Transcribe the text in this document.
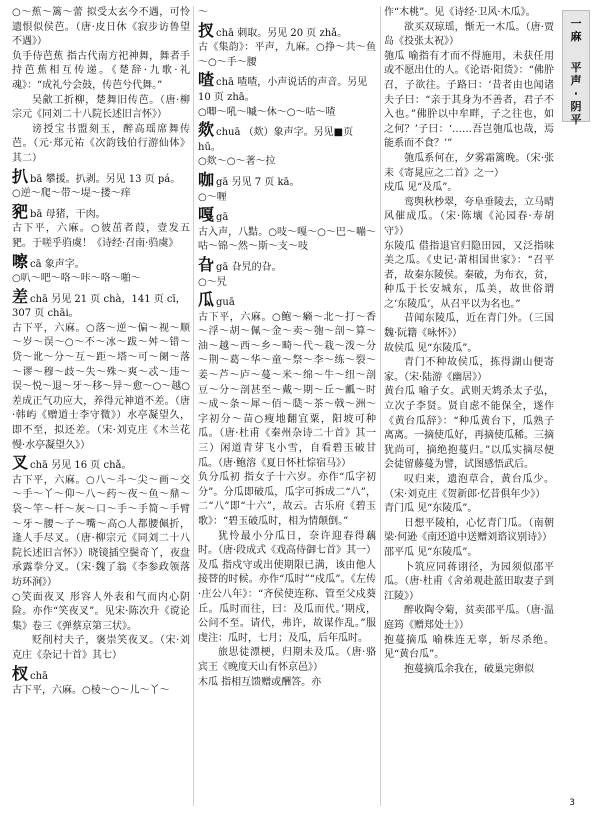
○～蕉～篱～蕾 拟受太玄今不遇，可怜遗恨似侯芭。（唐·皮日休《寂步访鲁望不遇》）

负手侍芭蕉 指古代南方祀神舞，舞者手持芭蕉相互传递。《楚辞·九歌·礼魂》：“成礼兮会鼓，传芭兮代舞。”

吴歈工折柳，楚舞旧传芭。（唐·柳宗元《同刘二十八院长述旧言怀》）

谤授宝书盟刻玉，醉高瑶席舞传芭。（元·郑元祐《次韵钱伯行游仙体》其二）

扒bā 攀援。扒剥。另见 13 页 pá。

○逆～爬～带～堤～搂～痒

豝bā 母猪，干肉。

古下平，六麻。○彼茁者葭，壹发五豝。于嗟乎驺虞！《诗经·召南·驺虞》

嚓cā 象声字。

○叭～吧～咯～咔～咯～啪～

差chā 另见 21 页 chà，141 页 cī，307 页 chāi。

古下平，六麻。○落～逆～偏～视～顺～岁～误～○～不～冰～跋～舛～错～贷～讹～分～互～距～塔～可～阑～落～谬～穆～歧～失～殊～爽～忒～违～误～悦～退～牙～移～异～愈～○～越○差成正气功应大，养得元神道不差。（唐·韩屿《赠道士李守微》）水亭凝望久，即不至，拟还差。（宋·刘克庄《木兰花慢·水亭凝望久》）

叉chā 另见 16 页 chǎ。

古下平，六麻。○八～斗～尖～画～交～手～丫～仰～八～药～夜～鱼～鼎～袋～竿～杆～灰～口～手～手简～手臂～牙～腰～子～嘴～高○人都腰佩折，逢人手尽叉。（唐·柳宗元《同刘二十八院长述旧言怀》）晓镜插空鬓奇丫，夜盘承露拳分叉。（宋·魏了翁《李参政领落坊环涧》）

○笑面夜叉 形容人外表和气而内心阴险。亦作“笑夜叉”。见宋·陈次升《谠论集》卷三《弹蔡京第三状》。

贬削村夫子，褒崇笑夜叉。（宋·刘克庄《杂记十首》其七）

杈chā

古下平，六麻。○棱～○～儿～丫～

～

扠chā 刺取。另见 20 页 zhǎ。

古《集韵》：平声，九麻。○挣～共～鱼～○～手～腰

喳chā 喳喳，小声说话的声音。另见 10 页 zhā。

○唧～吼～嘁～休～○～咕～喳

欻chuā （欻）象声字。另见■页 hū。

○欻～○～著～拉

咖gā 另见 7 页 kā。

○～喱

嘎gā

古入声，八黠。○吱～嘎～○～巴～嘣～咕～锦～然～斯～支～吱

旮gā 旮旯的旮。

○～旯

瓜guā

古下平，六麻。○鲍～癞～北～打～香～浮～胡～佩～金～卖～匏～剖～算～油～越～西～乡～畸～代～栽～泼～分～荆～葛～华～童～祭～李～练～裂～姜～芦～庐～蔓～米～绵～牛～纽～剖豆～分～剖甚至～戴～期～丘～瓤～时～成～条～犀～佰～瓞～茶～戟～洲～字初分～苗○瘦地翻宜粟，阳坡可种瓜。（唐·杜甫《秦州杂诗二十首》其一三）闲道青芽飞小雪，自看碧玉破甘瓜。（唐·鲍溶《夏日怀杜悰宿马》）

负分瓜初 指女子十六岁。亦作“瓜字初分”。分瓜即破瓜，瓜字可拆成二“八”，二“八”即“十六”，故云。古乐府《碧玉歌》：“碧玉破瓜时，相为情颠倒。”

犹怜最小分瓜日，奈许迎春得藕时。（唐·段成式《戏高侍御七首》其一）

及瓜 指戍守或出使期限已满，该由他人接替的时候。亦作“瓜时”“戍瓜”。《左传·庄公八年》：“齐侯使连称、管至父戍葵丘。瓜时而往，曰：及瓜而代。’期戍，公问不至。请代，弗许，故谋作乱。”服虔注：瓜时，七月；及瓜，后年瓜时。

旅思徒漂梗，归期未及瓜。（唐·骆宾王《晚度天山有怀京邑》）

木瓜 指相互馈赠或酬答。亦

作“木桃”。见《诗经·卫风·木瓜》。

欲买双琼瑶，惭无一木瓜。（唐·贾岛《投张太祝》）

匏瓜 喻指有才而不得施用，未获任用或不愿出仕的人。《论语·阳货》：“佛肸召，子欲往。子路曰：‘昔者由也闻诸夫子曰：“亲于其身为不善者，君子不入也。”佛肸以中牟畔，子之往也，如之何？’子曰：‘……吾岂匏瓜也哉，焉能系而不食？’”

匏瓜系何在，夕雾霜篱晚。（宋·张耒《寄晁应之二首》之一）

戍瓜 见“及瓜”。

鸾舆秋杪翠，夸阜垂陵去，立马晴风催成瓜。（宋·陈壤《沁园春·寿胡守》）

东陵瓜 借指退官归隐田园，又泛指味美之瓜。《史记·萧相国世家》：“召平者，故秦东陵侯。秦破，为布衣，贫，种瓜于长安城东，瓜美，故世俗谓之‘东陵瓜’，从召平以为名也。”

昔闻东陵瓜，近在青门外。（三国魏·阮籍《咏怀》）

故侯瓜 见“东陵瓜”。

青门不种故侯瓜，拣得湖山便寄家。（宋·陆游《幽居》）

黄台瓜 喻子女。武则天鸩杀太子弘，立次子李贤。贤自虑不能保全，遂作《黄台瓜辞》：“种瓜黄台下，瓜熟子离离。一摘使瓜好，再摘使瓜稀。三摘犹尚可，摘绝抱蔓归。”以瓜实摘尽便会徒留藤蔓为譬，试图感悟武后。

叹归来，遗泡草合，黄台瓜少。（宋·刘克庄《贺新郎·忆昔俱年少》）

青门瓜 见“东陵瓜”。

日想平陵柏，心忆青门瓜。（南朝梁·何逊《南还道中送赠刘谘议别诗》）

邵平瓜 见“东陵瓜”。

卜筑应同蒋诩径，为园须似邵平瓜。（唐·杜甫《舍弟观赴蓝田取妻子到江陵》）

醉收陶令菊，贫卖邵平瓜。（唐·温庭筠《赠郑处士》）

抱蔓摘瓜 喻株连无辜，斩尽杀绝。见“黄台瓜”。

抱蔓摘瓜余我在，破巢完卵似

一
麻
平
声
·
阴
平
3
